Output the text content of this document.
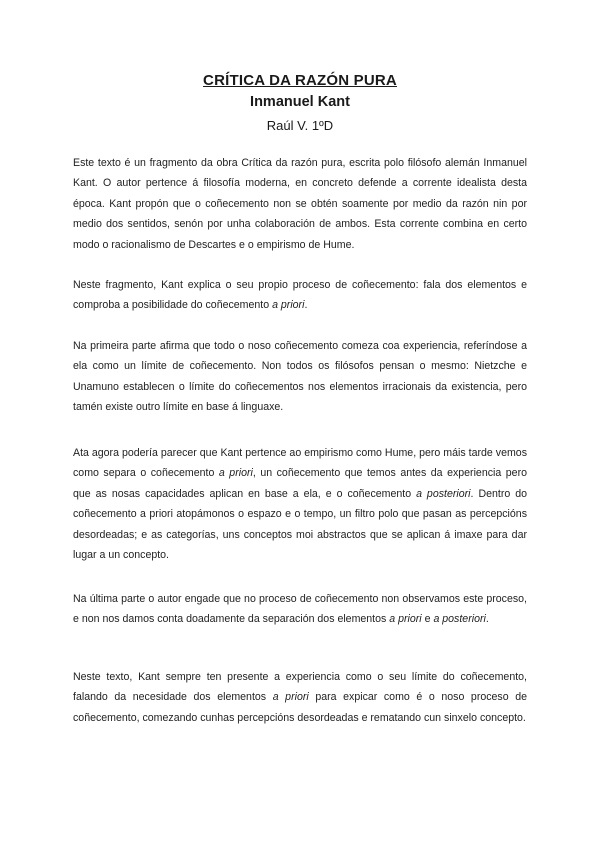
CRÍTICA DA RAZÓN PURA
Inmanuel Kant
Raúl V. 1ºD

Este texto é un fragmento da obra Crítica da razón pura, escrita polo filósofo alemán Inmanuel Kant. O autor pertence á filosofía moderna, en concreto defende a corrente idealista desta época. Kant propón que o coñecemento non se obtén soamente por medio da razón nin por medio dos sentidos, senón por unha colaboración de ambos. Esta corrente combina en certo modo o racionalismo de Descartes e o empirismo de Hume.

Neste fragmento, Kant explica o seu propio proceso de coñecemento: fala dos elementos e comproba a posibilidade do coñecemento a priori.

Na primeira parte afirma que todo o noso coñecemento comeza coa experiencia, referíndose a ela como un límite de coñecemento. Non todos os filósofos pensan o mesmo: Nietzche e Unamuno establecen o límite do coñecementos nos elementos irracionais da existencia, pero tamén existe outro límite en base á linguaxe.

Ata agora podería parecer que Kant pertence ao empirismo como Hume, pero máis tarde vemos como separa o coñecemento a priori, un coñecemento que temos antes da experiencia pero que as nosas capacidades aplican en base a ela, e o coñecemento a posteriori. Dentro do coñecemento a priori atopámonos o espazo e o tempo, un filtro polo que pasan as percepcións desordeadas; e as categorías, uns conceptos moi abstractos que se aplican á imaxe para dar lugar a un concepto.

Na última parte o autor engade que no proceso de coñecemento non observamos este proceso, e non nos damos conta doadamente da separación dos elementos a priori e a posteriori.

Neste texto, Kant sempre ten presente a experiencia como o seu límite do coñecemento, falando da necesidade dos elementos a priori para expicar como é o noso proceso de coñecemento, comezando cunhas percepcións desordeadas e rematando cun sinxelo concepto.
